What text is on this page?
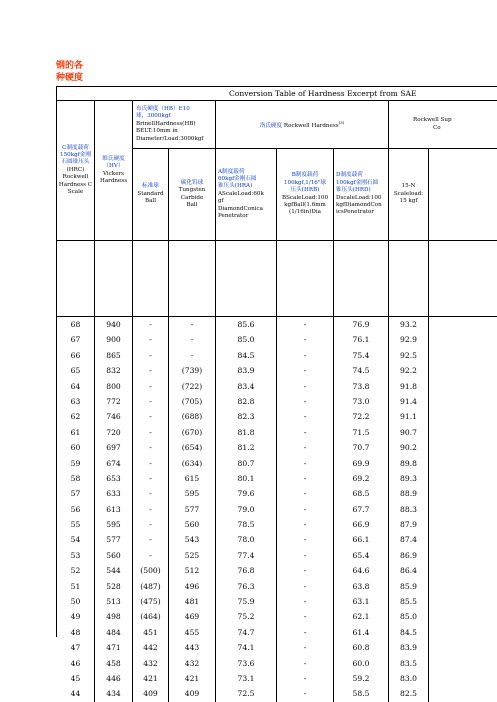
钢的各
种硬度
Conversion Table of Hardness Excerpt from SAE
C制度载荷
150kgf金刚
石圆锥压头
(HRC)
Rockwell
Hardness C
Scale
维氏硬度
（HV）
Vickers
Hardness
布氏硬度（HB）E10
球，3000kgf
BrinellHardness(HB)
BELT:10mm in
Diameter/Load:3000kgf
标准球
Standard
Ball
碳化钨球
Tungsten
Carbide
Ball
洛氏硬度 Rockwell Hardness$^{(3)}$
A制度载荷
60kgf金刚石圆
锥压头(HRA)
AScaleLoad:60k
gf
DiamondConica
Penetrator
B制度载荷
100kgf,1/16"球
压头(HRB)
BScaleLoad:100
kgfBall(1.6mm
(1/16in)Dia
D制度载荷
100kgf金刚石圆
锥压头(HRD)
DscaleLoad:100
kgfDiamondCon
icsPenetrator
Rockwell Sup
Co
15-N
Scaleload:
15 kgf
68	940	-	-	85.6	-	76.9	93.2
67	900	-	-	85.0	-	76.1	92.9
66	865	-	-	84.5	-	75.4	92.5
65	832	-	(739)	83.9	-	74.5	92.2
64	800	-	(722)	83.4	-	73.8	91.8
63	772	-	(705)	82.8	-	73.0	91.4
62	746	-	(688)	82.3	-	72.2	91.1
61	720	-	(670)	81.8	-	71.5	90.7
60	697	-	(654)	81.2	-	70.7	90.2
59	674	-	(634)	80.7	-	69.9	89.8
58	653	-	615	80.1	-	69.2	89.3
57	633	-	595	79.6	-	68.5	88.9
56	613	-	577	79.0	-	67.7	88.3
55	595	-	560	78.5	-	66.9	87.9
54	577	-	543	78.0	-	66.1	87.4
53	560	-	525	77.4	-	65.4	86.9
52	544	(500)	512	76.8	-	64.6	86.4
51	528	(487)	496	76.3	-	63.8	85.9
50	513	(475)	481	75.9	-	63.1	85.5
49	498	(464)	469	75.2	-	62.1	85.0
48	484	451	455	74.7	-	61.4	84.5
47	471	442	443	74.1	-	60.8	83.9
46	458	432	432	73.6	-	60.0	83.5
45	446	421	421	73.1	-	59.2	83.0
44	434	409	409	72.5	-	58.5	82.5
